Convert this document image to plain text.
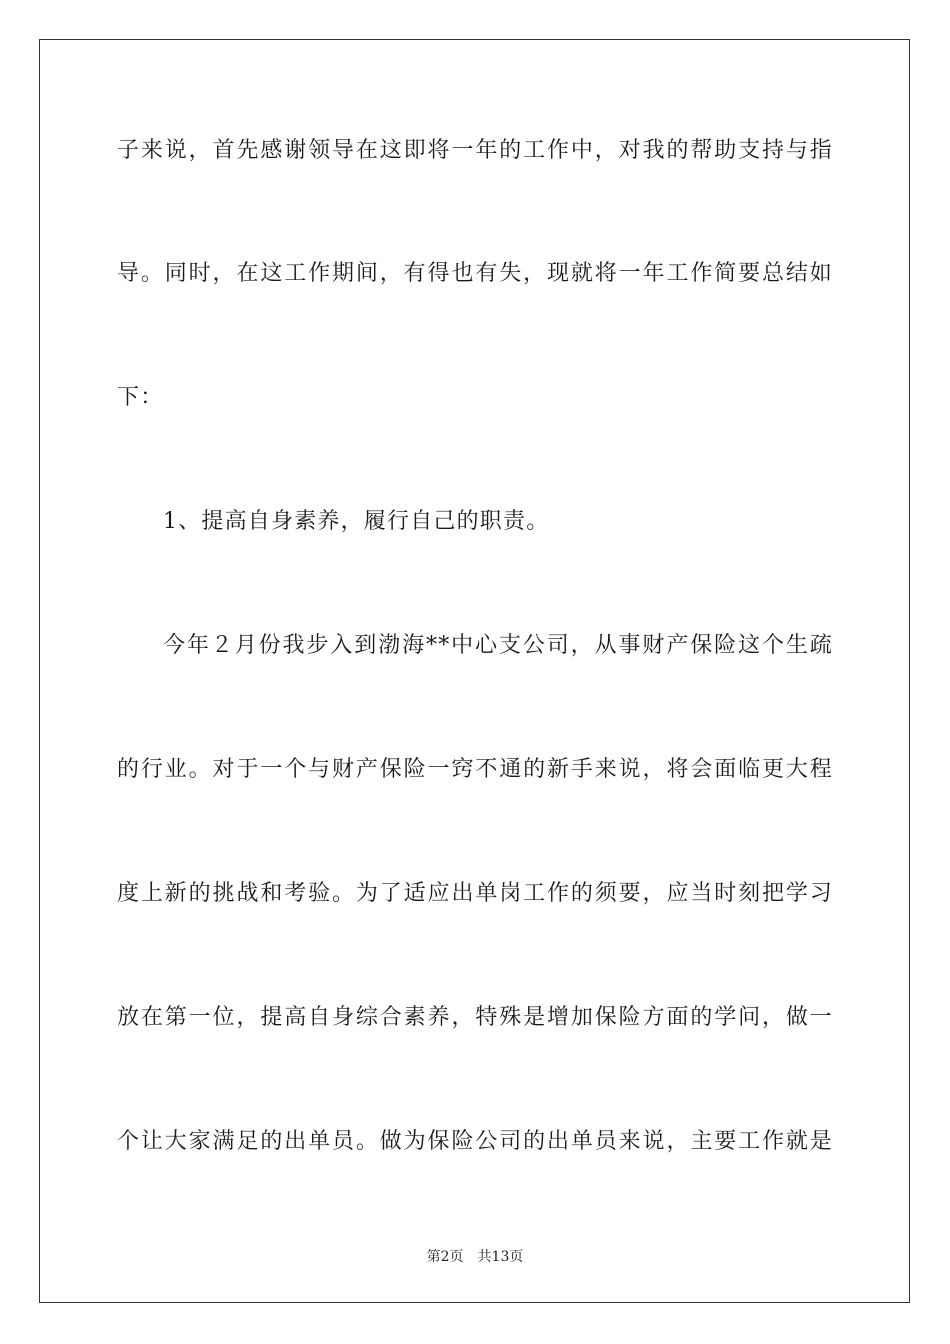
子来说，首先感谢领导在这即将一年的工作中，对我的帮助支持与指
导。同时，在这工作期间，有得也有失，现就将一年工作简要总结如
下：
1、提高自身素养，履行自己的职责。
今年２月份我步入到渤海**中心支公司，从事财产保险这个生疏
的行业。对于一个与财产保险一窍不通的新手来说，将会面临更大程
度上新的挑战和考验。为了适应出单岗工作的须要，应当时刻把学习
放在第一位，提高自身综合素养，特殊是增加保险方面的学问，做一
个让大家满足的出单员。做为保险公司的出单员来说，主要工作就是
第2页 共13页
